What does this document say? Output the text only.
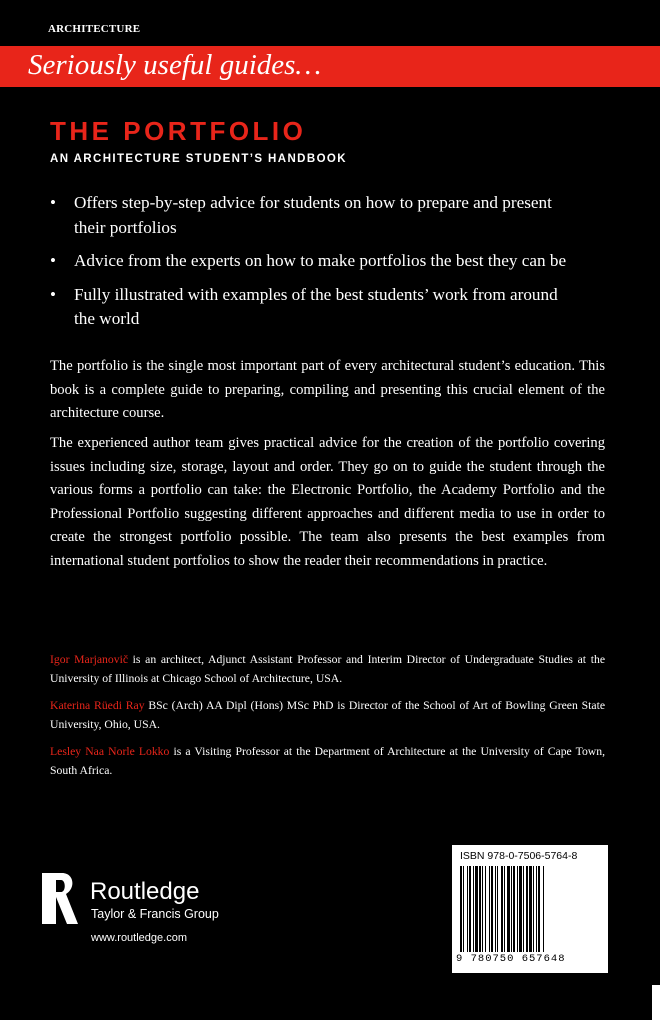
ARCHITECTURE
Seriously useful guides…
THE PORTFOLIO
AN ARCHITECTURE STUDENT’S HANDBOOK
• Offers step-by-step advice for students on how to prepare and present their portfolios
• Advice from the experts on how to make portfolios the best they can be
• Fully illustrated with examples of the best students’ work from around the world

The portfolio is the single most important part of every architectural student’s education. This book is a complete guide to preparing, compiling and presenting this crucial element of the architecture course.

The experienced author team gives practical advice for the creation of the portfolio covering issues including size, storage, layout and order. They go on to guide the student through the various forms a portfolio can take: the Electronic Portfolio, the Academy Portfolio and the Professional Portfolio suggesting different approaches and different media to use in order to create the strongest portfolio possible. The team also presents the best examples from international student portfolios to show the reader their recommendations in practice.

Igor Marjanovič is an architect, Adjunct Assistant Professor and Interim Director of Undergraduate Studies at the University of Illinois at Chicago School of Architecture, USA.

Katerina Rüedi Ray BSc (Arch) AA Dipl (Hons) MSc PhD is Director of the School of Art of Bowling Green State University, Ohio, USA.

Lesley Naa Norle Lokko is a Visiting Professor at the Department of Architecture at the University of Cape Town, South Africa.

Routledge
Taylor & Francis Group
www.routledge.com
ISBN 978-0-7506-5764-8
9 780750 657648
